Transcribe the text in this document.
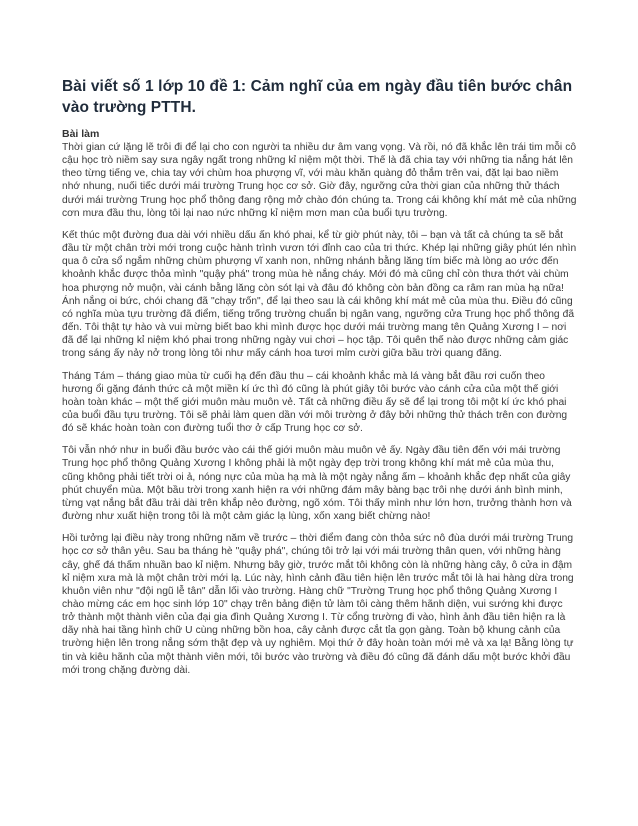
Bài viết số 1 lớp 10 đề 1: Cảm nghĩ của em ngày đầu tiên bước chân vào trường PTTH.

Bài làm

Thời gian cứ lặng lẽ trôi đi để lại cho con người ta nhiều dư âm vang vọng. Và rồi, nó đã khắc lên trái tim mỗi cô cậu học trò niềm say sưa ngây ngất trong những kỉ niệm một thời. Thế là đã chia tay với những tia nắng hát lên theo từng tiếng ve, chia tay với chùm hoa phượng vĩ, với màu khăn quàng đỏ thắm trên vai, đặt lại bao niềm nhớ nhung, nuối tiếc dưới mái trường Trung học cơ sở. Giờ đây, ngưỡng cửa thời gian của những thử thách dưới mái trường Trung học phổ thông đang rộng mở chào đón chúng ta. Trong cái không khí mát mẻ của những cơn mưa đầu thu, lòng tôi lại nao nức những kỉ niệm mơn man của buổi tựu trường.

Kết thúc một đường đua dài với nhiều dấu ấn khó phai, kể từ giờ phút này, tôi – bạn và tất cả chúng ta sẽ bắt đầu từ một chân trời mới trong cuộc hành trình vươn tới đỉnh cao của tri thức. Khép lại những giây phút lén nhìn qua ô cửa sổ ngắm những chùm phượng vĩ xanh non, những nhánh bằng lăng tím biếc mà lòng ao ước đến khoảnh khắc được thỏa mình "quậy phá" trong mùa hè nắng cháy. Mới đó mà cũng chỉ còn thưa thớt vài chùm hoa phượng nở muộn, vài cánh bằng lăng còn sót lại và đâu đó không còn bản đồng ca râm ran mùa hạ nữa! Ánh nắng oi bức, chói chang đã "chạy trốn", để lại theo sau là cái không khí mát mẻ của mùa thu. Điều đó cũng có nghĩa mùa tựu trường đã điểm, tiếng trống trường chuẩn bị ngân vang, ngưỡng cửa Trung học phổ thông đã đến. Tôi thật tự hào và vui mừng biết bao khi mình được học dưới mái trường mang tên Quảng Xương I – nơi đã để lại những kỉ niệm khó phai trong những ngày vui chơi – học tập. Tôi quên thế nào được những cảm giác trong sáng ấy nảy nở trong lòng tôi như mấy cánh hoa tươi mỉm cười giữa bầu trời quang đãng.

Tháng Tám – tháng giao mùa từ cuối hạ đến đầu thu – cái khoảnh khắc mà lá vàng bắt đầu rơi cuốn theo hương ổi gặng đánh thức cả một miền kí ức thì đó cũng là phút giây tôi bước vào cánh cửa của một thế giới hoàn toàn khác – một thế giới muôn màu muôn vẻ. Tất cả những điều ấy sẽ để lại trong tôi một kí ức khó phai của buổi đầu tựu trường. Tôi sẽ phải làm quen dần với môi trường ở đây bởi những thử thách trên con đường đó sẽ khác hoàn toàn con đường tuổi thơ ở cấp Trung học cơ sở.

Tôi vẫn nhớ như in buổi đầu bước vào cái thế giới muôn màu muôn vẻ ấy. Ngày đầu tiên đến với mái trường Trung học phổ thông Quảng Xương I không phải là một ngày đẹp trời trong không khí mát mẻ của mùa thu, cũng không phải tiết trời oi ả, nóng nực của mùa hạ mà là một ngày nắng ấm – khoảnh khắc đẹp nhất của giây phút chuyển mùa. Một bầu trời trong xanh hiện ra với những đám mây bàng bạc trôi nhẹ dưới ánh bình minh, từng vạt nắng bắt đầu trải dài trên khắp nẻo đường, ngõ xóm. Tôi thấy mình như lớn hơn, trưởng thành hơn và đường như xuất hiện trong tôi là một cảm giác lạ lùng, xốn xang biết chừng nào!

Hồi tưởng lại điều này trong những năm về trước – thời điểm đang còn thỏa sức nô đùa dưới mái trường Trung học cơ sở thân yêu. Sau ba tháng hè "quậy phá", chúng tôi trở lại với mái trường thân quen, với những hàng cây, ghế đá thấm nhuần bao kỉ niệm. Nhưng bây giờ, trước mắt tôi không còn là những hàng cây, ô cửa in đậm kỉ niệm xưa mà là một chân trời mới lạ. Lúc này, hình cảnh đầu tiên hiện lên trước mắt tôi là hai hàng dừa trong khuôn viên như "đội ngũ lễ tân" dẫn lối vào trường. Hàng chữ "Trường Trung học phổ thông Quảng Xương I chào mừng các em học sinh lớp 10" chạy trên bảng điện tử làm tôi càng thêm hãnh diện, vui sướng khi được trở thành một thành viên của đại gia đình Quảng Xương I. Từ cổng trường đi vào, hình ảnh đầu tiên hiện ra là dãy nhà hai tầng hình chữ U cùng những bồn hoa, cây cảnh được cắt tỉa gọn gàng. Toàn bộ khung cảnh của trường hiện lên trong nắng sớm thật đẹp và uy nghiêm. Mọi thứ ở đây hoàn toàn mới mẻ và xa lạ! Bằng lòng tự tin và kiêu hãnh của một thành viên mới, tôi bước vào trường và điều đó cũng đã đánh dấu một bước khởi đầu mới trong chặng đường dài.
